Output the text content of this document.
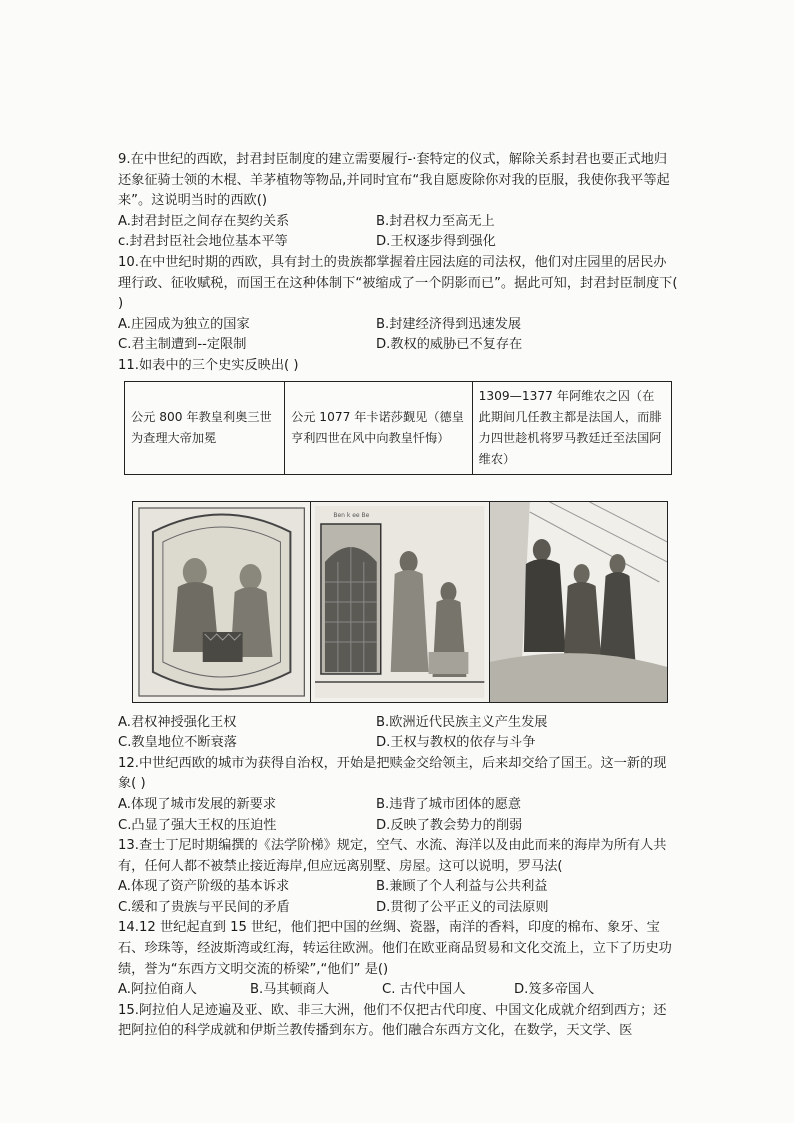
9.在中世纪的西欧，封君封臣制度的建立需要履行-·套特定的仪式，解除关系封君也要正式地归还象征骑士领的木棍、羊茅植物等物品,并同时宜布“我自愿废除你对我的臣服，我使你我平等起来”。这说明当时的西欧()

A.封君封臣之间存在契约关系	B.封君权力至高无上
c.封君封臣社会地位基本平等	D.王权逐步得到强化

10.在中世纪时期的西欧，具有封土的贵族都掌握着庄园法庭的司法权，他们对庄园里的居民办理行政、征收赋税，而国王在这种体制下“被缩成了一个阴影而已”。据此可知，封君封臣制度下( )

A.庄园成为独立的国家	B.封建经济得到迅速发展
C.君主制遭到--定限制	D.教权的威胁已不复存在

11.如表中的三个史实反映出( )

公元 800 年教皇利奥三世为查理大帝加冕	公元 1077 年卡诺莎觐见（德皇亨利四世在风中向教皇忏悔）	1309—1377 年阿维农之囚（在此期间几任教主都是法国人，而腓力四世趁机将罗马教廷迁至法国阿维农）
Ben k ee Be
A.君权神授强化王权	B.欧洲近代民族主义产生发展
C.教皇地位不断衰落	D.王权与教权的依存与斗争

12.中世纪西欧的城市为获得自治权，开始是把赎金交给领主，后来却交给了国王。这一新的现象( )

A.体现了城市发展的新要求	B.违背了城市团体的愿意
C.凸显了强大王权的压迫性	D.反映了教会势力的削弱

13.查士丁尼时期编撰的《法学阶梯》规定，空气、水流、海洋以及由此而来的海岸为所有人共有，任何人都不被禁止接近海岸,但应远离别墅、房屋。这可以说明，罗马法(

A.体现了资产阶级的基本诉求	B.兼顾了个人利益与公共利益
C.缓和了贵族与平民间的矛盾	D.贯彻了公平正义的司法原则

14.12 世纪起直到 15 世纪，他们把中国的丝绸、瓷器，南洋的香料，印度的棉布、象牙、宝石、珍珠等，经波斯湾或红海，转运往欧洲。他们在欧亚商品贸易和文化交流上，立下了历史功绩，誉为“东西方文明交流的桥梁”,“他们” 是()

A.阿拉伯商人	B.马其顿商人	C. 古代中国人	D.笈多帝国人

15.阿拉伯人足迹遍及亚、欧、非三大洲，他们不仅把古代印度、中国文化成就介绍到西方；还把阿拉伯的科学成就和伊斯兰教传播到东方。他们融合东西方文化，在数学，天文学、医
